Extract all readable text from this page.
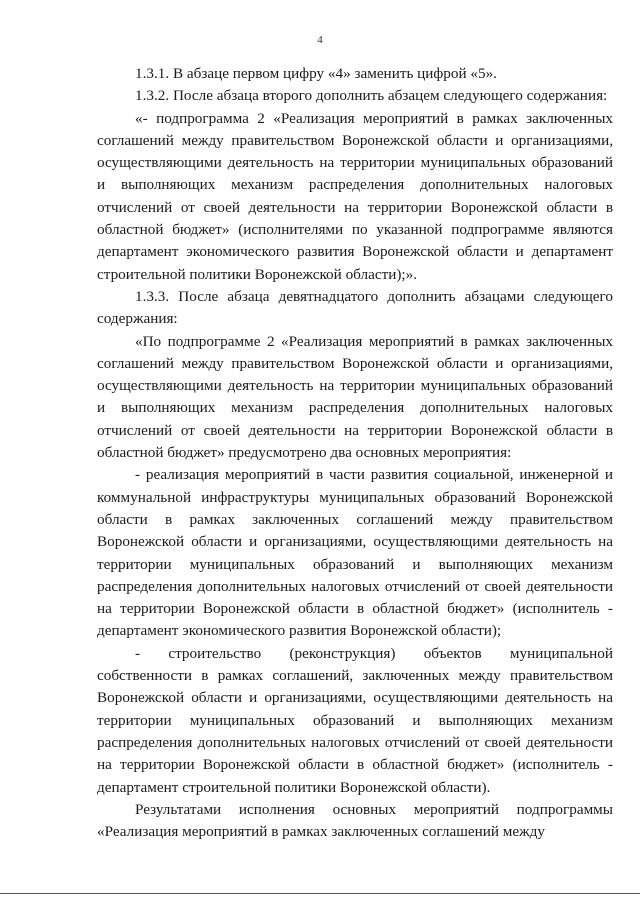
4

1.3.1. В абзаце первом цифру «4» заменить цифрой «5».

1.3.2. После абзаца второго дополнить абзацем следующего содержания:

«- подпрограмма 2 «Реализация мероприятий в рамках заключенных соглашений между правительством Воронежской области и организациями, осуществляющими деятельность на территории муниципальных образований и выполняющих механизм распределения дополнительных налоговых отчислений от своей деятельности на территории Воронежской области в областной бюджет» (исполнителями по указанной подпрограмме являются департамент экономического развития Воронежской области и департамент строительной политики Воронежской области);».

1.3.3. После абзаца девятнадцатого дополнить абзацами следующего содержания:

«По подпрограмме 2 «Реализация мероприятий в рамках заключенных соглашений между правительством Воронежской области и организациями, осуществляющими деятельность на территории муниципальных образований и выполняющих механизм распределения дополнительных налоговых отчислений от своей деятельности на территории Воронежской области в областной бюджет» предусмотрено два основных мероприятия:

- реализация мероприятий в части развития социальной, инженерной и коммунальной инфраструктуры муниципальных образований Воронежской области в рамках заключенных соглашений между правительством Воронежской области и организациями, осуществляющими деятельность на территории муниципальных образований и выполняющих механизм распределения дополнительных налоговых отчислений от своей деятельности на территории Воронежской области в областной бюджет» (исполнитель - департамент экономического развития Воронежской области);

- строительство (реконструкция) объектов муниципальной собственности в рамках соглашений, заключенных между правительством Воронежской области и организациями, осуществляющими деятельность на территории муниципальных образований и выполняющих механизм распределения дополнительных налоговых отчислений от своей деятельности на территории Воронежской области в областной бюджет» (исполнитель - департамент строительной политики Воронежской области).

Результатами исполнения основных мероприятий подпрограммы «Реализация мероприятий в рамках заключенных соглашений между
